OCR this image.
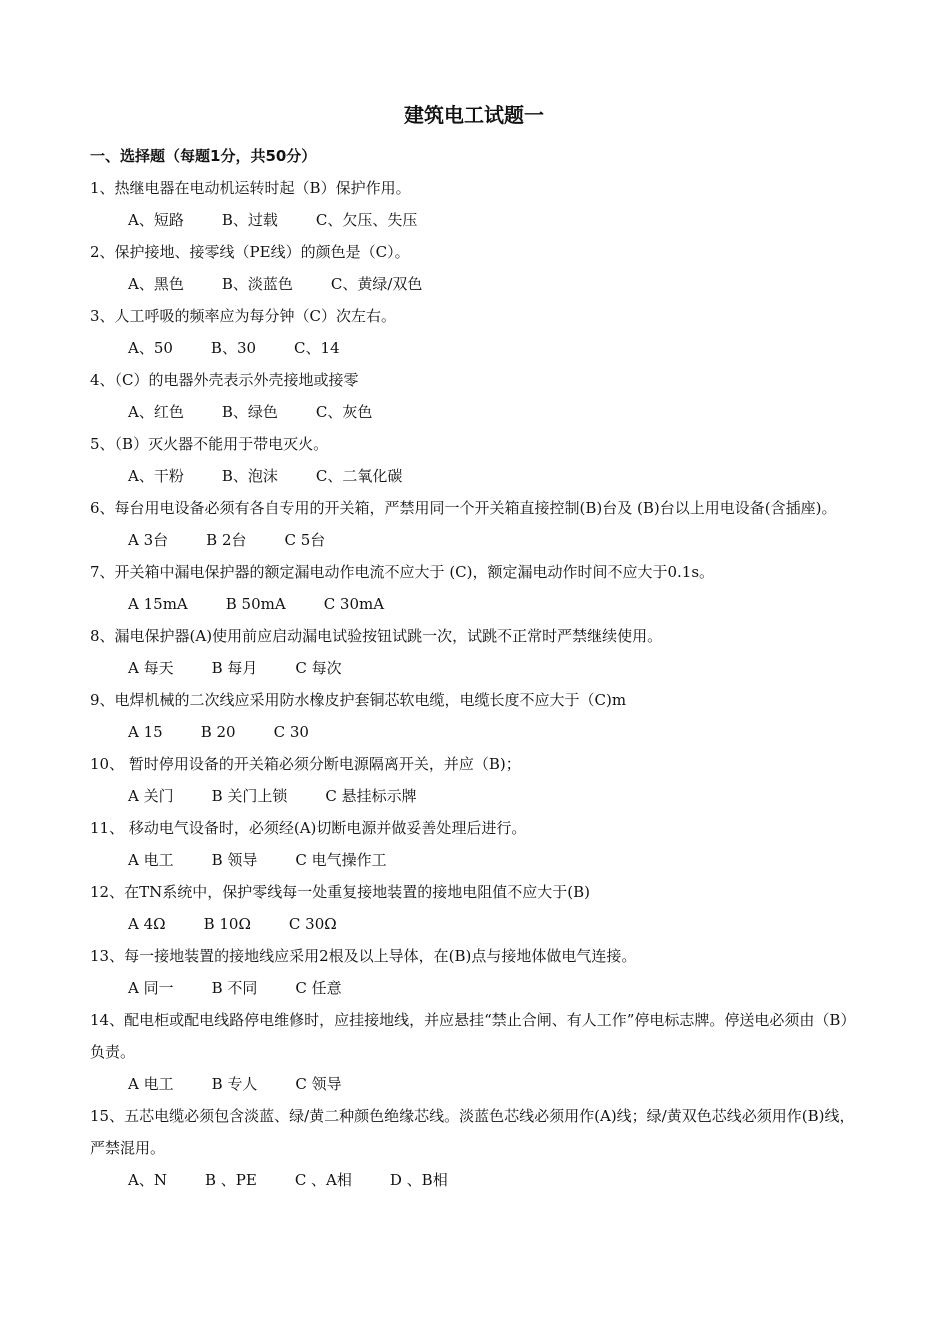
建筑电工试题一
一、选择题（每题1分，共50分）
1、热继电器在电动机运转时起（B）保护作用。
A、短路	B、过载	C、欠压、失压
2、保护接地、接零线（PE线）的颜色是（C）。
A、黑色	B、淡蓝色	C、黄绿/双色
3、人工呼吸的频率应为每分钟（C）次左右。
A、50	B、30	C、14
4、（C）的电器外壳表示外壳接地或接零
A、红色	B、绿色	C、灰色
5、（B）灭火器不能用于带电灭火。
A、干粉	B、泡沫	C、二氧化碳
6、每台用电设备必须有各自专用的开关箱，严禁用同一个开关箱直接控制(B)台及 (B)台以上用电设备(含插座)。
A 3台	B 2台	C 5台
7、开关箱中漏电保护器的额定漏电动作电流不应大于 (C)，额定漏电动作时间不应大于0.1s。
A 15mA	B 50mA	C 30mA
8、漏电保护器(A)使用前应启动漏电试验按钮试跳一次，试跳不正常时严禁继续使用。
A 每天	B 每月	C 每次
9、电焊机械的二次线应采用防水橡皮护套铜芯软电缆，电缆长度不应大于（C)m
A 15	B 20	C 30
10、 暂时停用设备的开关箱必须分断电源隔离开关，并应（B)；
A 关门	B 关门上锁	C 悬挂标示牌
11、 移动电气设备时，必须经(A)切断电源并做妥善处理后进行。
A 电工	B 领导	C 电气操作工
12、在TN系统中，保护零线每一处重复接地装置的接地电阻值不应大于(B)
A 4Ω	B 10Ω	C 30Ω
13、每一接地装置的接地线应采用2根及以上导体，在(B)点与接地体做电气连接。
A 同一	B 不同	C 任意
14、配电柜或配电线路停电维修时，应挂接地线，并应悬挂“禁止合闸、有人工作”停电标志牌。停送电必须由（B）负责。
A 电工	B 专人	C 领导
15、五芯电缆必须包含淡蓝、绿/黄二种颜色绝缘芯线。淡蓝色芯线必须用作(A)线；绿/黄双色芯线必须用作(B)线，严禁混用。
A、N	B 、PE	C 、A相	D 、B相
